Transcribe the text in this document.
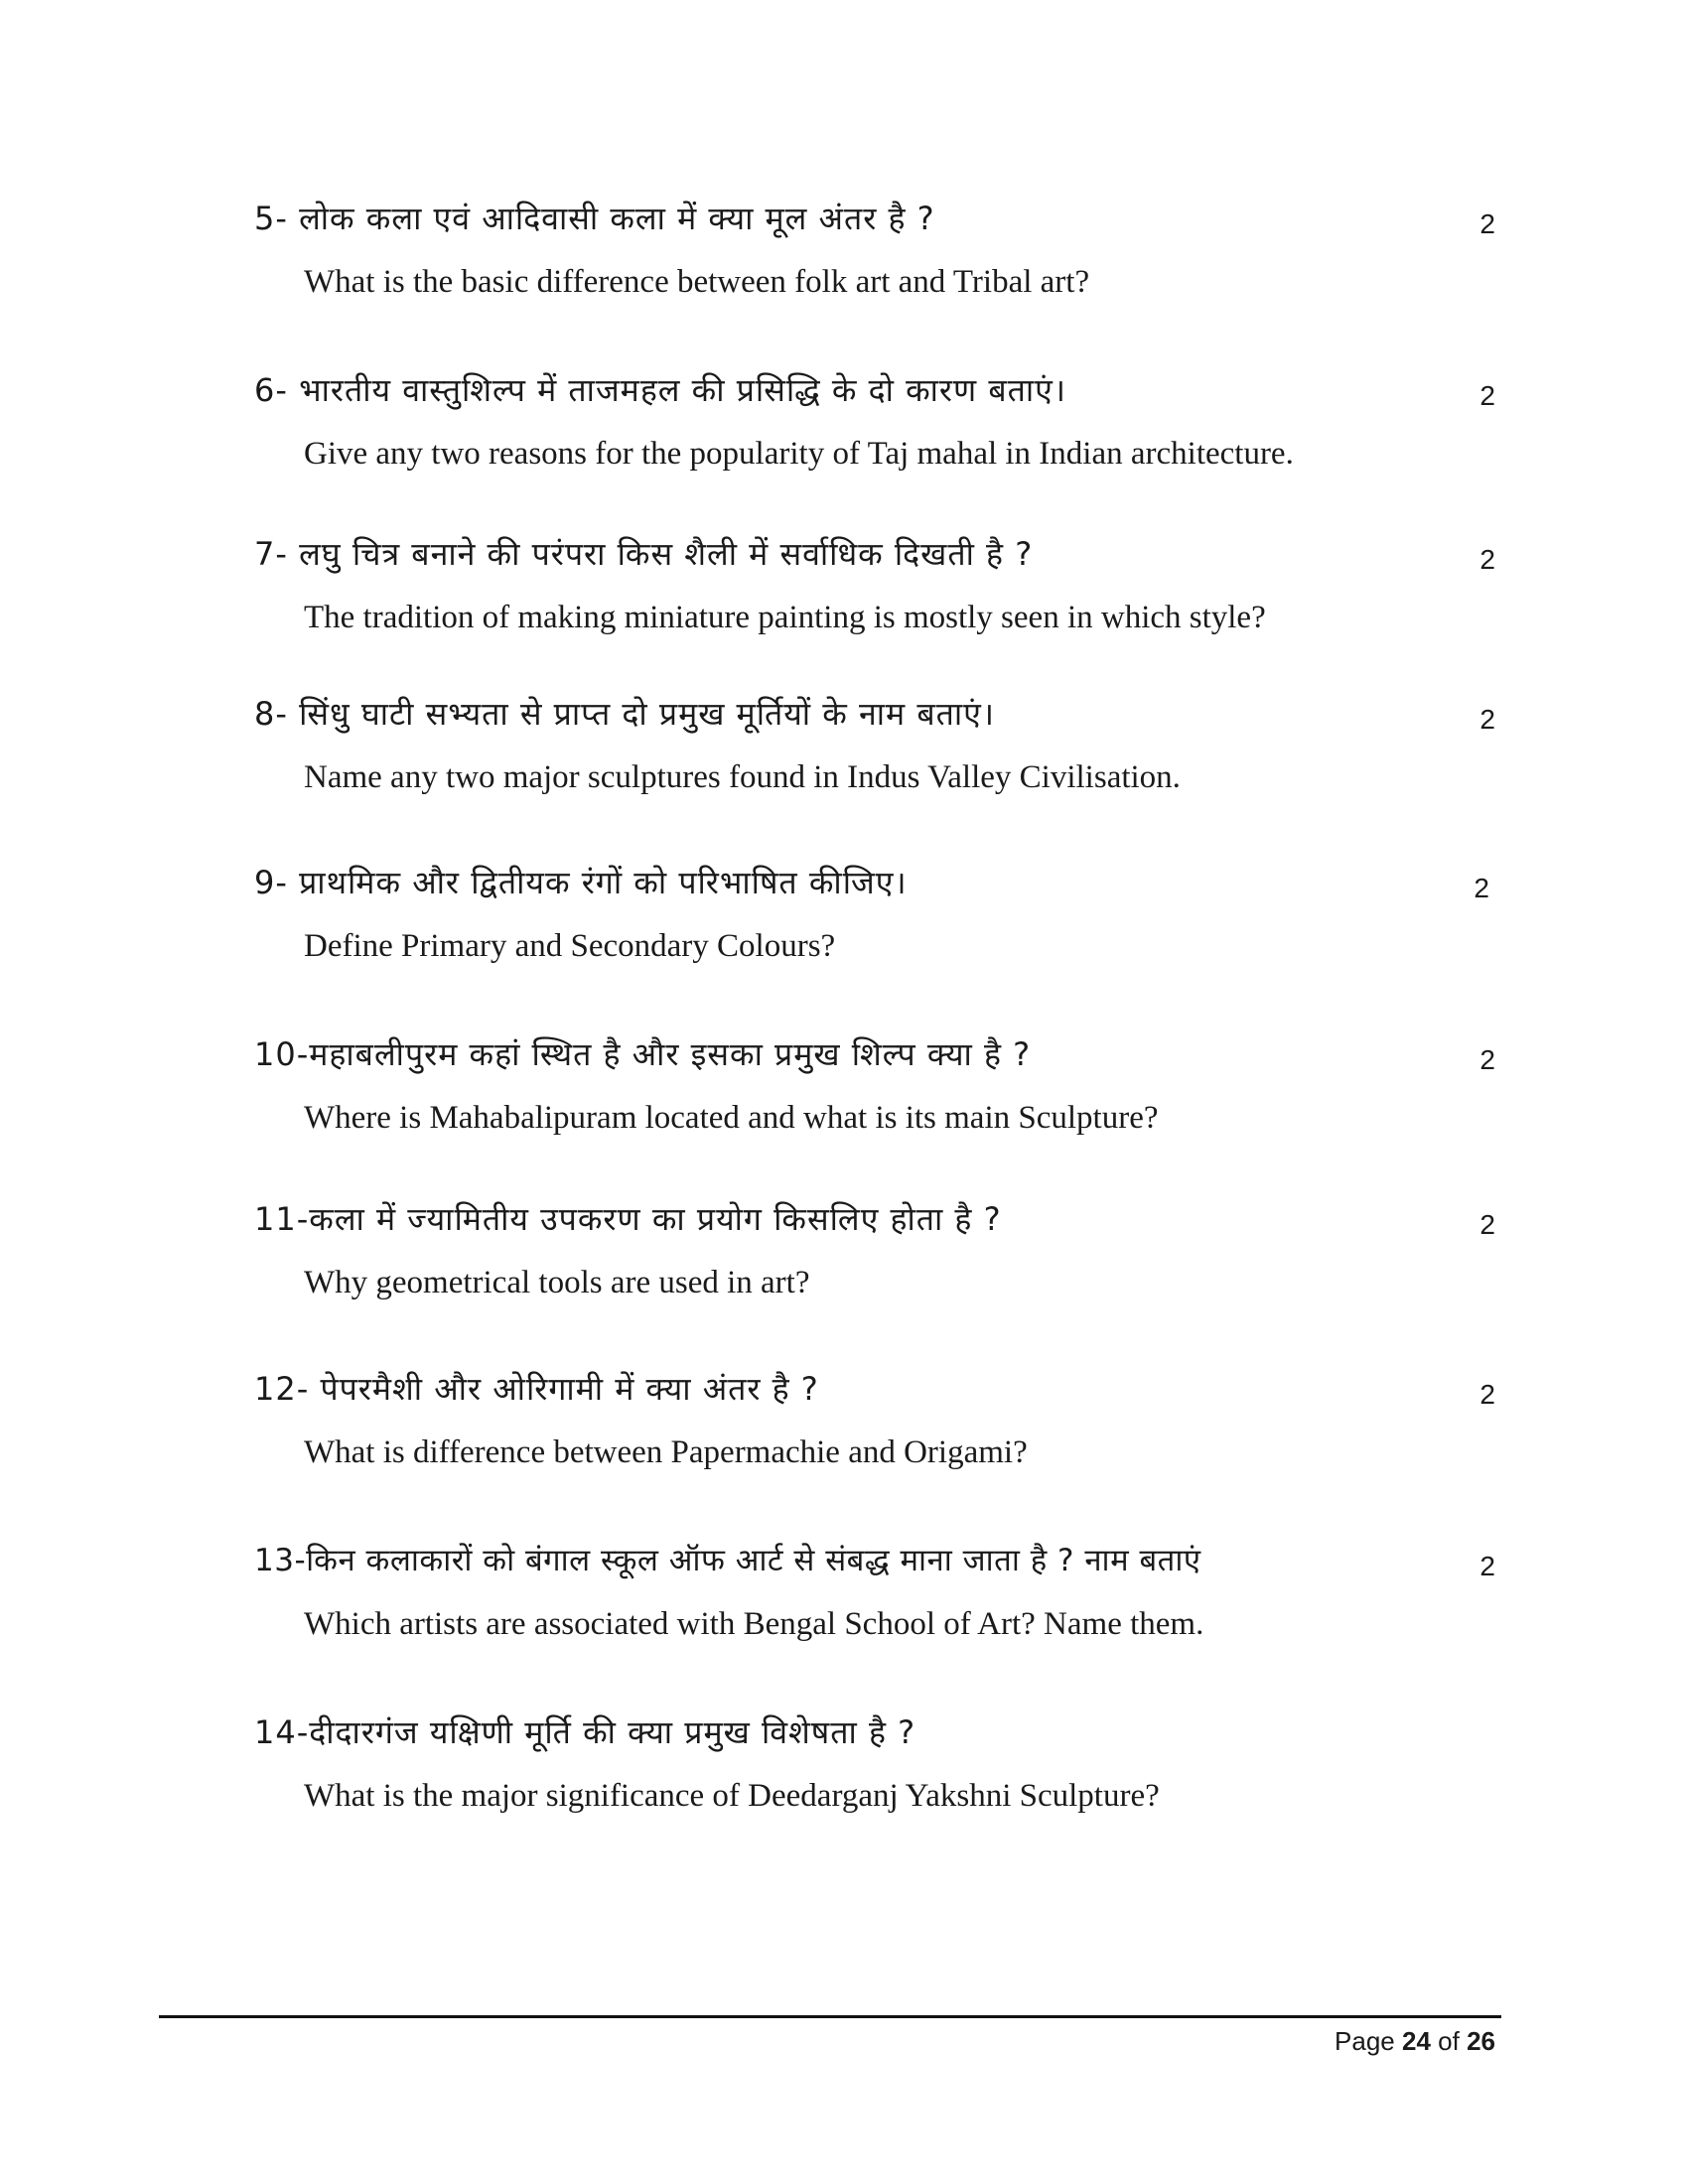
5- लोक कला एवं आदिवासी कला में क्या मूल अंतर है ?
What is the basic difference between folk art and Tribal art?
2
6- भारतीय वास्तुशिल्प में ताजमहल की प्रसिद्धि के दो कारण बताएं।
Give any two reasons for the popularity of Taj mahal in Indian architecture.
2
7- लघु चित्र बनाने की परंपरा किस शैली में सर्वाधिक दिखती है ?
The tradition of making miniature painting is mostly seen in which style?
2
8- सिंधु घाटी सभ्यता से प्राप्त दो प्रमुख मूर्तियों के नाम बताएं।
Name any two major sculptures found in Indus Valley Civilisation.
2
9- प्राथमिक और द्वितीयक रंगों को परिभाषित कीजिए।
Define Primary and Secondary Colours?
2
10-महाबलीपुरम कहां स्थित है और इसका प्रमुख शिल्प क्या है ?
Where is Mahabalipuram located and what is its main Sculpture?
2
11-कला में ज्यामितीय उपकरण का प्रयोग किसलिए होता है ?
Why geometrical tools are used in art?
2
12- पेपरमैशी और ओरिगामी में क्या अंतर है ?
What is difference between Papermachie and Origami?
2
13-किन कलाकारों को बंगाल स्कूल ऑफ आर्ट से संबद्ध माना जाता है ? नाम बताएं
Which artists are associated with Bengal School of Art? Name them.
2
14-दीदारगंज यक्षिणी मूर्ति की क्या प्रमुख विशेषता है ?
What is the major significance of Deedarganj Yakshni Sculpture?
Page 24 of 26
